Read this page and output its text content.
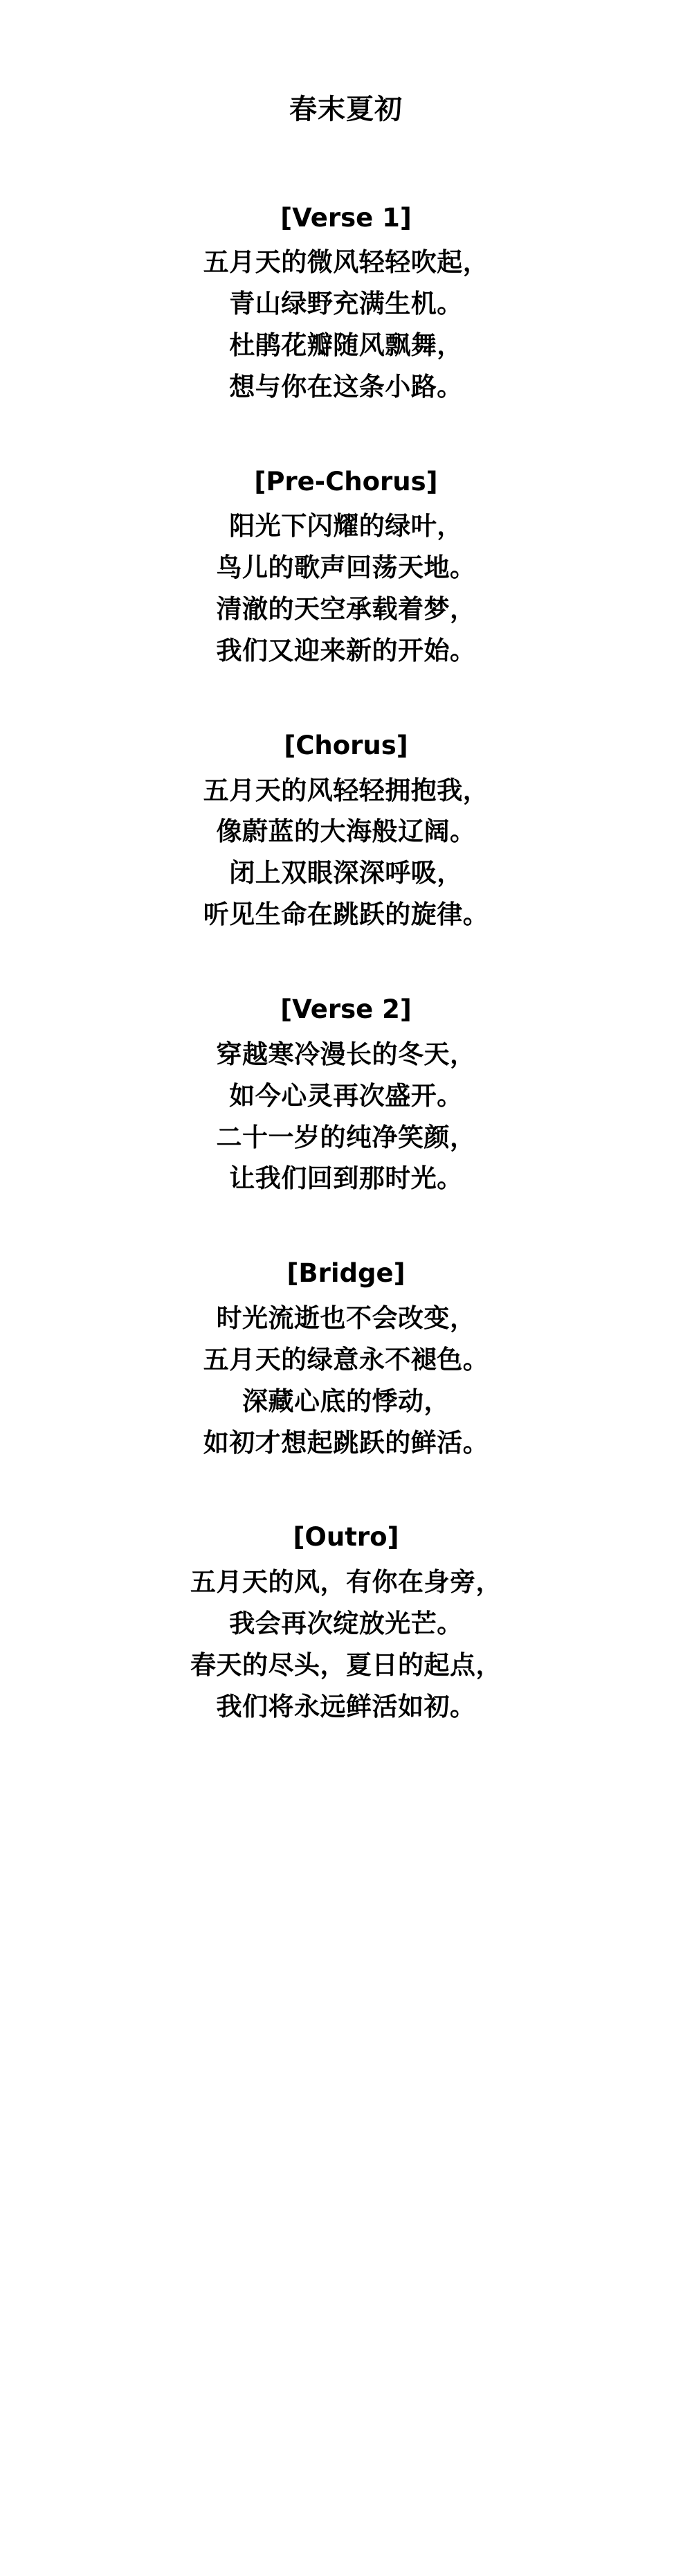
春末夏初
[Verse 1]

五月天的微风轻轻吹起，

青山绿野充满生机。

杜鹃花瓣随风飘舞，

想与你在这条小路。

[Pre-Chorus]

阳光下闪耀的绿叶，

鸟儿的歌声回荡天地。

清澈的天空承载着梦，

我们又迎来新的开始。

[Chorus]

五月天的风轻轻拥抱我，

像蔚蓝的大海般辽阔。

闭上双眼深深呼吸，

听见生命在跳跃的旋律。

[Verse 2]

穿越寒冷漫长的冬天，

如今心灵再次盛开。

二十一岁的纯净笑颜，

让我们回到那时光。

[Bridge]

时光流逝也不会改变，

五月天的绿意永不褪色。

深藏心底的悸动，

如初才想起跳跃的鲜活。

[Outro]

五月天的风，有你在身旁，

我会再次绽放光芒。

春天的尽头，夏日的起点，

我们将永远鲜活如初。
